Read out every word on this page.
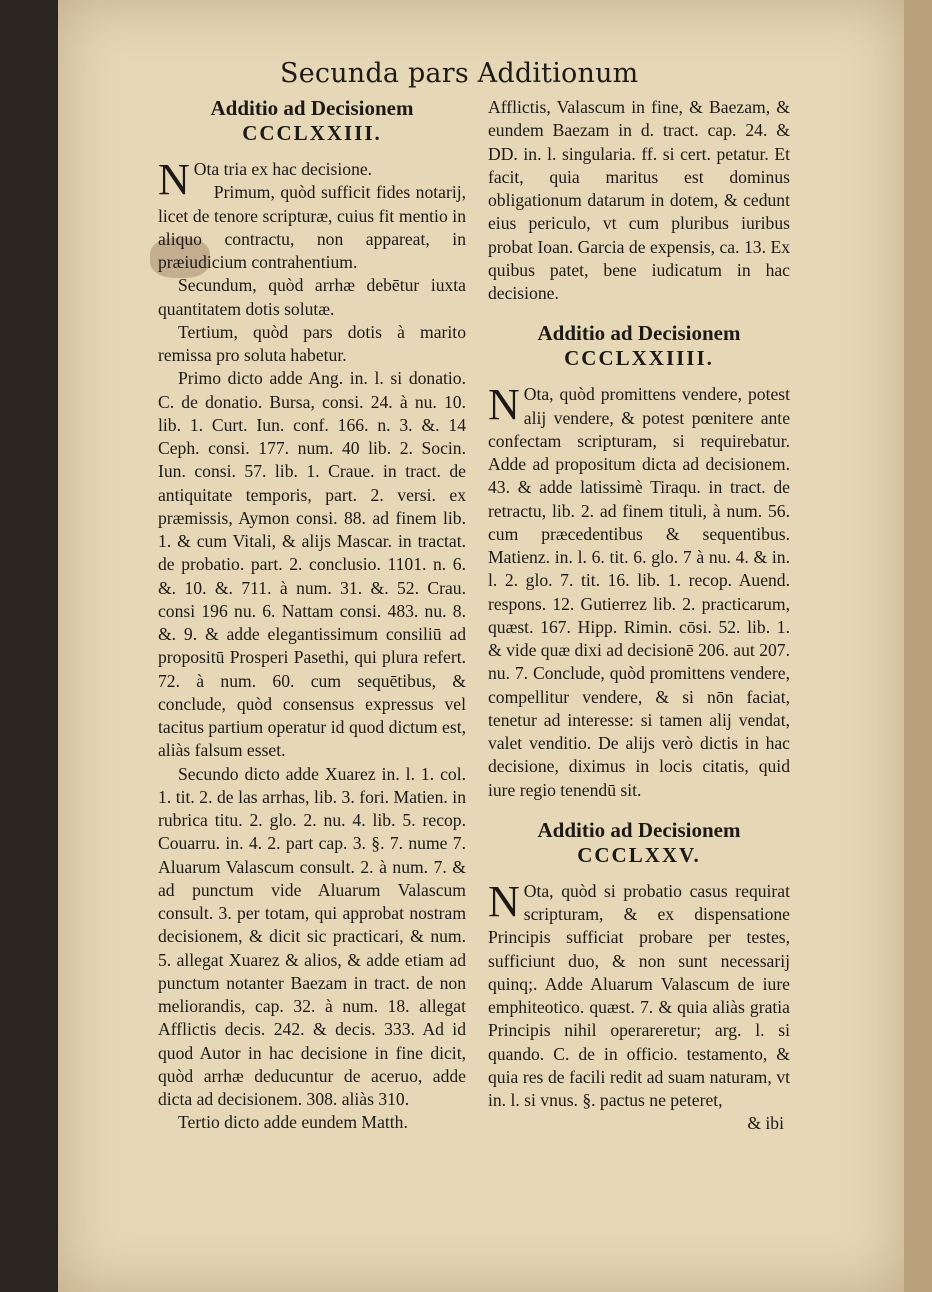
Secunda pars Additionum
Additio ad Decisionem
CCCLXXIII.

N Ota tria ex hac decisione.

Primum, quòd sufficit fides notarij, licet de tenore scripturæ, cuius fit mentio in aliquo contractu, non appareat, in præiudicium contrahentium.

Secundum, quòd arrhæ debētur iuxta quantitatem dotis solutæ.

Tertium, quòd pars dotis à marito remissa pro soluta habetur.

Primo dicto adde Ang. in. l. si donatio. C. de donatio. Bursa, consi. 24. à nu. 10. lib. 1. Curt. Iun. conf. 166. n. 3. &. 14 Ceph. consi. 177. num. 40 lib. 2. Socin. Iun. consi. 57. lib. 1. Craue. in tract. de antiquitate temporis, part. 2. versi. ex præmissis, Aymon consi. 88. ad finem lib. 1. & cum Vitali, & alijs Mascar. in tractat. de probatio. part. 2. conclusio. 1101. n. 6. &. 10. &. 711. à num. 31. &. 52. Crau. consi 196 nu. 6. Nattam consi. 483. nu. 8. &. 9. & adde elegantissimum consiliū ad propositū Prosperi Pasethi, qui plura refert. 72. à num. 60. cum sequētibus, & conclude, quòd consensus expressus vel tacitus partium operatur id quod dictum est, aliàs falsum esset.

Secundo dicto adde Xuarez in. l. 1. col. 1. tit. 2. de las arrhas, lib. 3. fori. Matien. in rubrica titu. 2. glo. 2. nu. 4. lib. 5. recop. Couarru. in. 4. 2. part cap. 3. §. 7. nume 7. Aluarum Valascum consult. 2. à num. 7. & ad punctum vide Aluarum Valascum consult. 3. per totam, qui approbat nostram decisionem, & dicit sic practicari, & num. 5. allegat Xuarez & alios, & adde etiam ad punctum notanter Baezam in tract. de non meliorandis, cap. 32. à num. 18. allegat Afflictis decis. 242. & decis. 333. Ad id quod Autor in hac decisione in fine dicit, quòd arrhæ deducuntur de aceruo, adde dicta ad decisionem. 308. aliàs 310.

Tertio dicto adde eundem Matth.

Afflictis, Valascum in fine, & Baezam, & eundem Baezam in d. tract. cap. 24. & DD. in. l. singularia. ff. si cert. petatur. Et facit, quia maritus est dominus obligationum datarum in dotem, & cedunt eius periculo, vt cum pluribus iuribus probat Ioan. Garcia de expensis, ca. 13. Ex quibus patet, bene iudicatum in hac decisione.

Additio ad Decisionem
CCCLXXIIII.

N Ota, quòd promittens vendere, potest alij vendere, & potest pœnitere ante confectam scripturam, si requirebatur. Adde ad propositum dicta ad decisionem. 43. & adde latissimè Tiraqu. in tract. de retractu, lib. 2. ad finem tituli, à num. 56. cum præcedentibus & sequentibus. Matienz. in. l. 6. tit. 6. glo. 7 à nu. 4. & in. l. 2. glo. 7. tit. 16. lib. 1. recop. Auend. respons. 12. Gutierrez lib. 2. practicarum, quæst. 167. Hipp. Rimin. cōsi. 52. lib. 1. & vide quæ dixi ad decisionē 206. aut 207. nu. 7. Conclude, quòd promittens vendere, compellitur vendere, & si nōn faciat, tenetur ad interesse: si tamen alij vendat, valet venditio. De alijs verò dictis in hac decisione, diximus in locis citatis, quid iure regio tenendū sit.

Additio ad Decisionem
CCCLXXV.

N Ota, quòd si probatio casus requirat scripturam, & ex dispensatione Principis sufficiat probare per testes, sufficiunt duo, & non sunt necessarij quinq;. Adde Aluarum Valascum de iure emphiteotico. quæst. 7. & quia aliàs gratia Principis nihil operareretur; arg. l. si quando. C. de in officio. testamento, & quia res de facili redit ad suam naturam, vt in. l. si vnus. §. pactus ne peteret,

& ibi
